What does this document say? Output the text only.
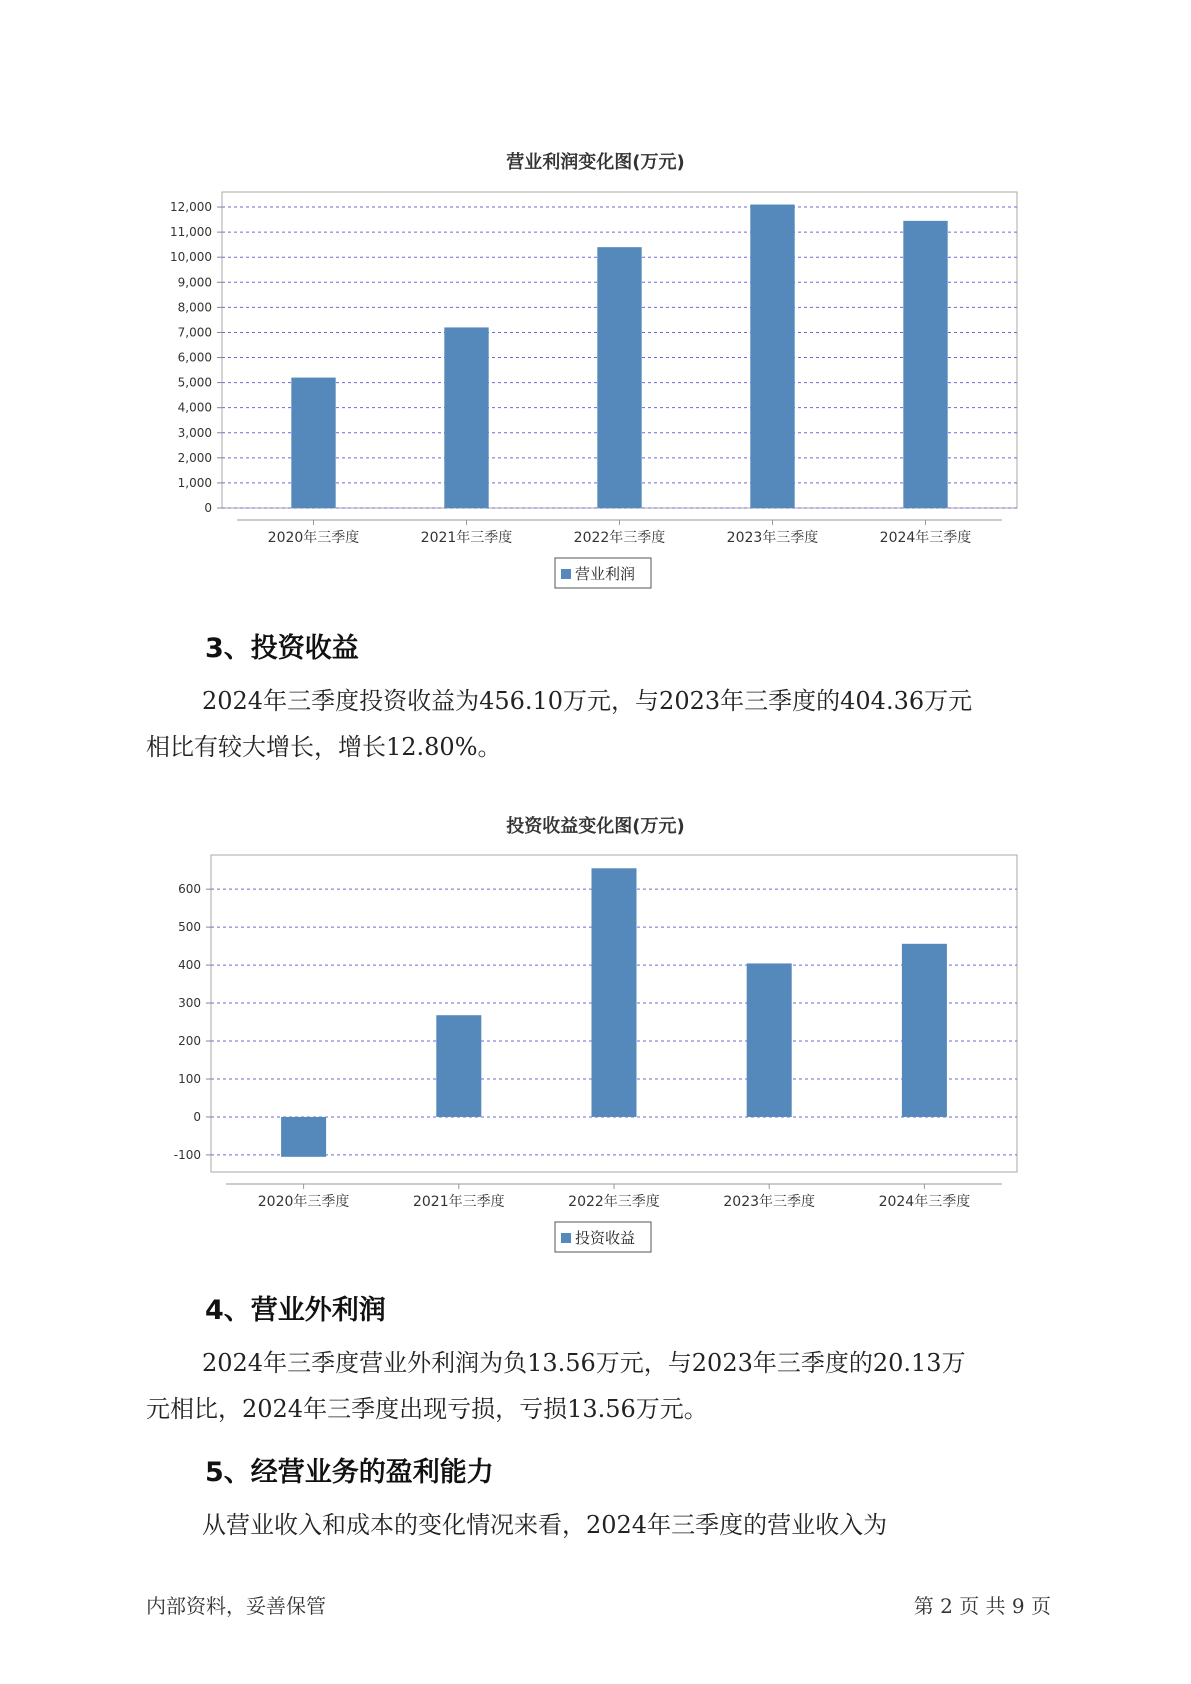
营业利润变化图(万元)
0
1,000
2,000
3,000
4,000
5,000
6,000
7,000
8,000
9,000
10,000
11,000
12,000
2020年三季度	2021年三季度	2022年三季度	2023年三季度	2024年三季度
营业利润
3、投资收益

2024年三季度投资收益为456.10万元，与2023年三季度的404.36万元

相比有较大增长，增长12.80%。

投资收益变化图(万元)
-100
0
100
200
300
400
500
600
2020年三季度	2021年三季度	2022年三季度	2023年三季度	2024年三季度
投资收益
4、营业外利润

2024年三季度营业外利润为负13.56万元，与2023年三季度的20.13万

元相比，2024年三季度出现亏损，亏损13.56万元。

5、经营业务的盈利能力

从营业收入和成本的变化情况来看，2024年三季度的营业收入为

内部资料，妥善保管	第 2 页 共 9 页
